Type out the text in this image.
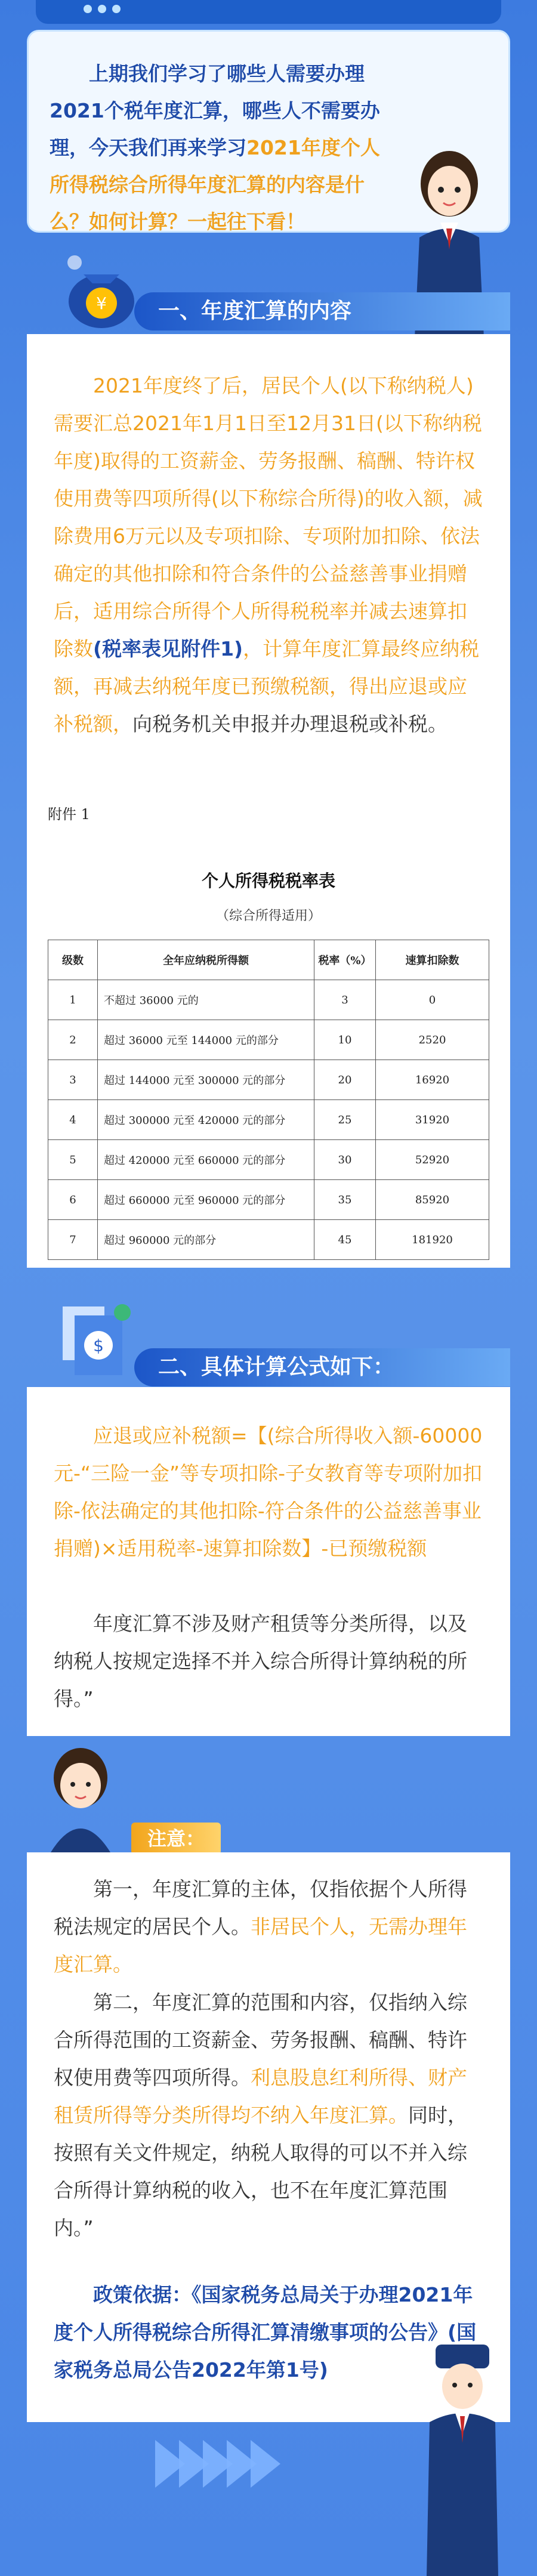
上期我们学习了哪些人需要办理2021个税年度汇算，哪些人不需要办理，今天我们再来学习2021年度个人所得税综合所得年度汇算的内容是什么？如何计算？一起往下看！

¥	一、年度汇算的内容

2021年度终了后，居民个人(以下称纳税人)需要汇总2021年1月1日至12月31日(以下称纳税年度)取得的工资薪金、劳务报酬、稿酬、特许权使用费等四项所得(以下称综合所得)的收入额，减除费用6万元以及专项扣除、专项附加扣除、依法确定的其他扣除和符合条件的公益慈善事业捐赠后，适用综合所得个人所得税税率并减去速算扣除数(税率表见附件1)，计算年度汇算最终应纳税额，再减去纳税年度已预缴税额，得出应退或应补税额，向税务机关申报并办理退税或补税。

附件 1
个人所得税税率表
（综合所得适用）
级数	全年应纳税所得额	税率（%）	速算扣除数
1	不超过 36000 元的	3	0
2	超过 36000 元至 144000 元的部分	10	2520
3	超过 144000 元至 300000 元的部分	20	16920
4	超过 300000 元至 420000 元的部分	25	31920
5	超过 420000 元至 660000 元的部分	30	52920
6	超过 660000 元至 960000 元的部分	35	85920
7	超过 960000 元的部分	45	181920
$
二、具体计算公式如下：

应退或应补税额=【(综合所得收入额-60000元-“三险一金”等专项扣除-子女教育等专项附加扣除-依法确定的其他扣除-符合条件的公益慈善事业捐赠)×适用税率-速算扣除数】-已预缴税额

年度汇算不涉及财产租赁等分类所得，以及纳税人按规定选择不并入综合所得计算纳税的所得。”

注意：

第一，年度汇算的主体，仅指依据个人所得税法规定的居民个人。非居民个人，无需办理年度汇算。

第二，年度汇算的范围和内容，仅指纳入综合所得范围的工资薪金、劳务报酬、稿酬、特许权使用费等四项所得。利息股息红利所得、财产租赁所得等分类所得均不纳入年度汇算。同时，按照有关文件规定，纳税人取得的可以不并入综合所得计算纳税的收入，也不在年度汇算范围内。”

政策依据：《国家税务总局关于办理2021年度个人所得税综合所得汇算清缴事项的公告》(国家税务总局公告2022年第1号)
